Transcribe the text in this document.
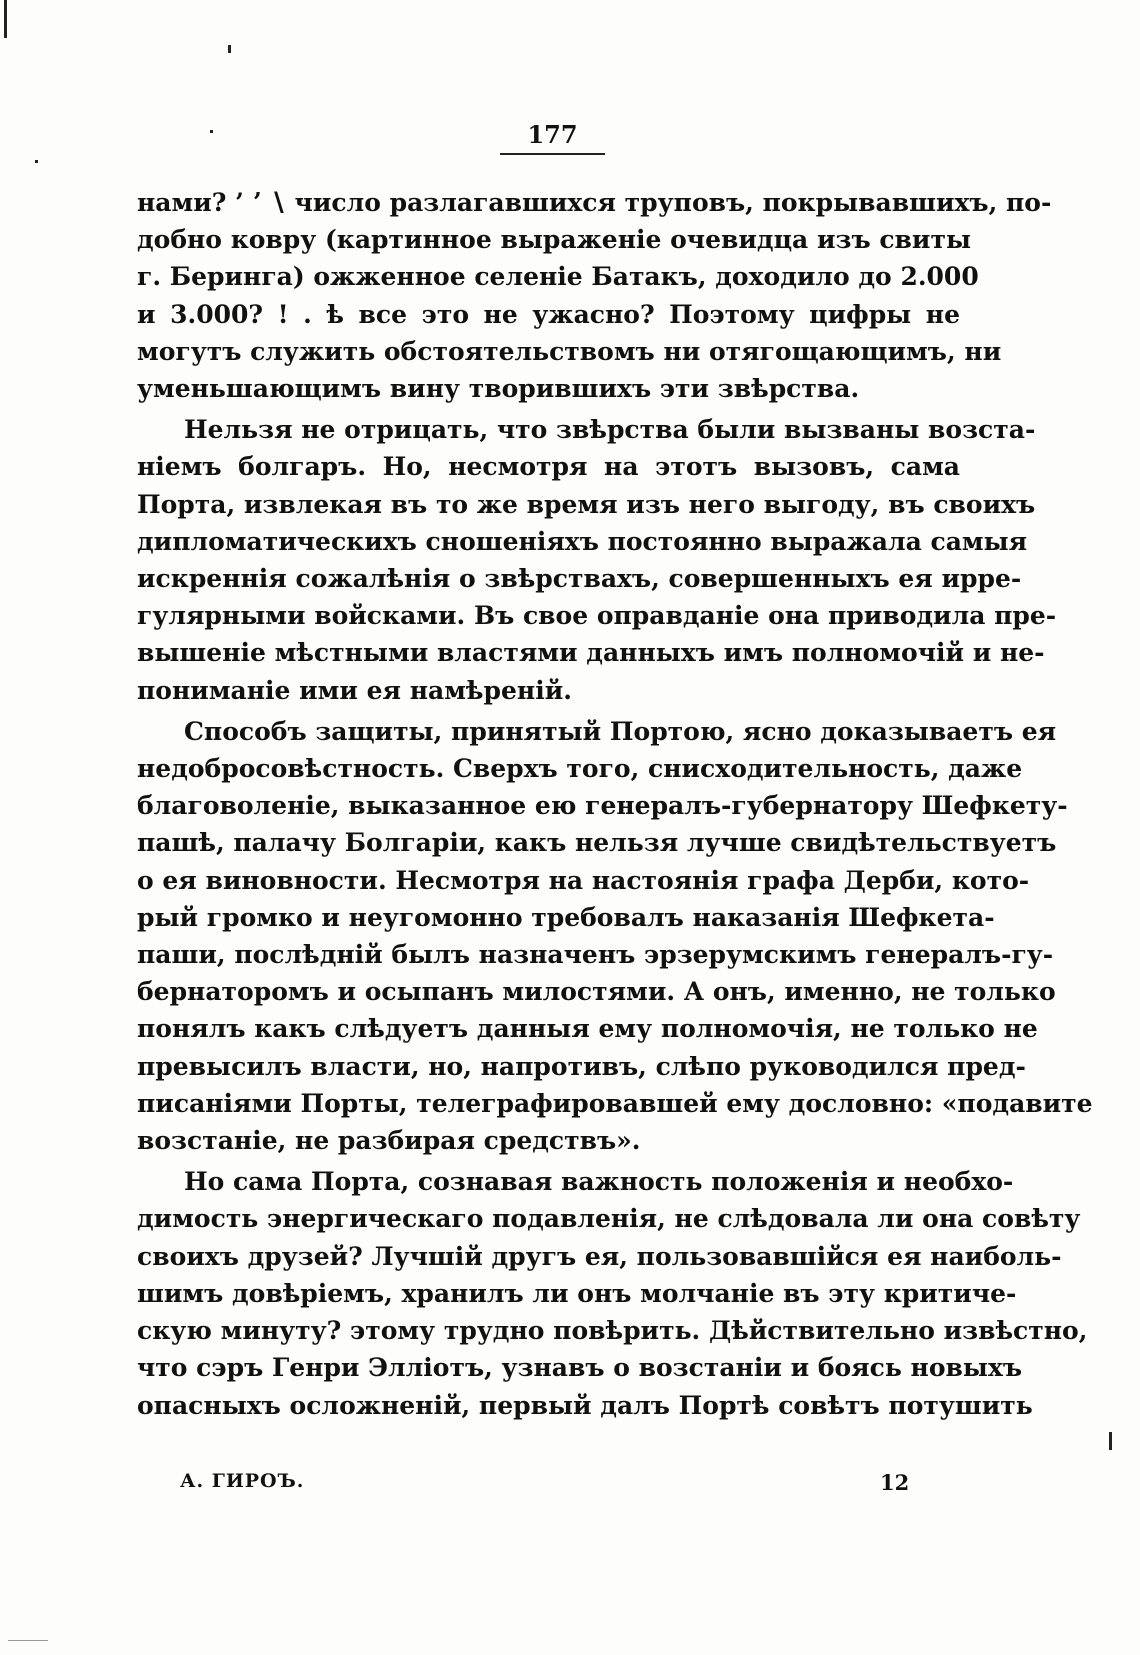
177
нами? ’ ʼ ∖ число разлагавшихся труповъ, покрывавшихъ, по-
добно ковру (картинное выраженіе очевидца изъ свиты
г. Беринга) ожженное селеніе Батакъ, доходило до 2.000
и 3.000? ! . ѣ все это не ужасно? Поэтому цифры не
могутъ служить обстоятельствомъ ни отягощающимъ, ни
уменьшающимъ вину творившихъ эти звѣрства.
Нельзя не отрицать, что звѣрства были вызваны возста-
ніемъ болгаръ. Но, несмотря на этотъ вызовъ, сама
Порта, извлекая въ то же время изъ него выгоду, въ своихъ
дипломатическихъ сношеніяхъ постоянно выражала самыя
искреннія сожалѣнія о звѣрствахъ, совершенныхъ ея ирре-
гулярными войсками. Въ свое оправданіе она приводила пре-
вышеніе мѣстными властями данныхъ имъ полномочій и не-
пониманіе ими ея намѣреній.
Способъ защиты, принятый Портою, ясно доказываетъ ея
недобросовѣстность. Сверхъ того, снисходительность, даже
благоволеніе, выказанное ею генералъ-губернатору Шефкету-
пашѣ, палачу Болгаріи, какъ нельзя лучше свидѣтельствуетъ
о ея виновности. Несмотря на настоянія графа Дерби, кото-
рый громко и неугомонно требовалъ наказанія Шефкета-
паши, послѣдній былъ назначенъ эрзерумскимъ генералъ-гу-
бернаторомъ и осыпанъ милостями. А онъ, именно, не только
понялъ какъ слѣдуетъ данныя ему полномочія, не только не
превысилъ власти, но, напротивъ, слѣпо руководился пред-
писаніями Порты, телеграфировавшей ему дословно: «подавите
возстаніе, не разбирая средствъ».
Но сама Порта, сознавая важность положенія и необхо-
димость энергическаго подавленія, не слѣдовала ли она совѣту
своихъ друзей? Лучшій другъ ея, пользовавшійся ея наиболь-
шимъ довѣріемъ, хранилъ ли онъ молчаніе въ эту критиче-
скую минуту? этому трудно повѣрить. Дѣйствительно извѣстно,
что сэръ Генри Эллiотъ, узнавъ о возстаніи и боясь новыхъ
опасныхъ осложненій, первый далъ Портѣ совѣтъ потушить
А. ГИРОЪ.	12
